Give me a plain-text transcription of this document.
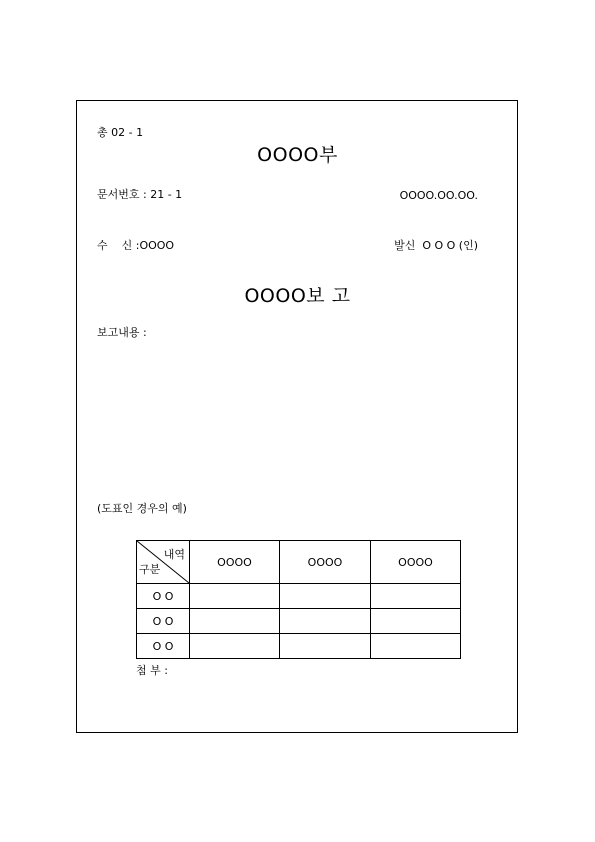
총 02 - 1
OOOO부
문서번호 : 21 - 1	OOOO.OO.OO.
수    신 :OOOO	발신  O O O (인)
OOOO보 고
보고내용 :
(도표인 경우의 예)
내역
구분	OOOO	OOOO	OOOO
O O			
O O			
O O			
첨 부 :
